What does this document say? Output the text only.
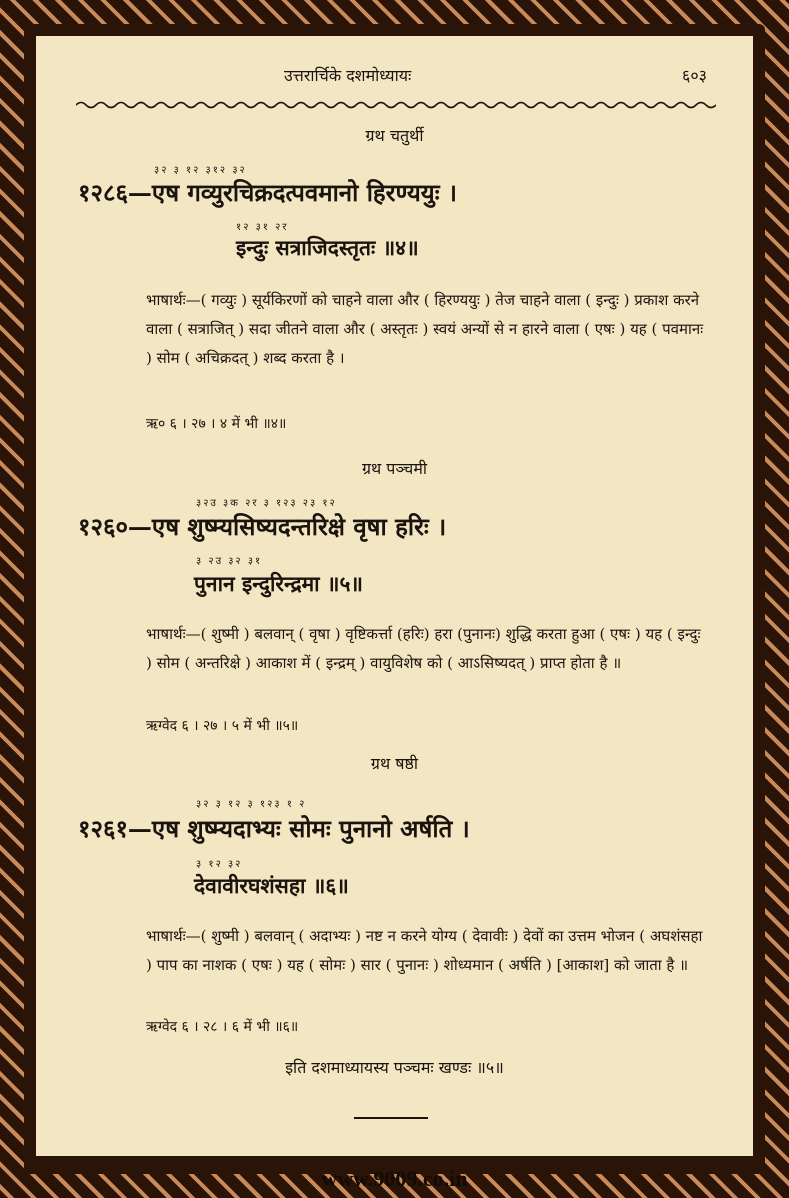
उत्तरार्चिके दशमोध्यायः	६०३
ग्रथ चतुर्थी
३२ ३ १२ ३१२ ३२
१२८६—एष गव्युरचिक्रदत्पवमानो हिरण्ययुः ।
१२ ३१ २र
इन्दुः सत्राजिदस्तृतः ॥४॥
भाषार्थः—( गव्युः ) सूर्यकिरणों को चाहने वाला और ( हिरण्ययुः ) तेज चाहने वाला ( इन्दुः ) प्रकाश करने वाला ( सत्राजित् ) सदा जीतने वाला और ( अस्तृतः ) स्वयं अन्यों से न हारने वाला ( एषः ) यह ( पवमानः ) सोम ( अचिक्रदत् ) शब्द करता है ।
ऋ० ६ । २७ । ४ में भी ॥४॥
ग्रथ पञ्चमी
३२उ ३क २र ३ १२३ २३ १२
१२६०—एष शुष्म्यसिष्यदन्तरिक्षे वृषा हरिः ।
३ २उ ३२ ३१
पुनान इन्दुरिन्द्रमा ॥५॥
भाषार्थः—( शुष्मी ) बलवान् ( वृषा ) वृष्टिकर्त्ता (हरिः) हरा (पुनानः) शुद्धि करता हुआ ( एषः ) यह ( इन्दुः ) सोम ( अन्तरिक्षे ) आकाश में ( इन्द्रम् ) वायुविशेष को ( आऽसिष्यदत् ) प्राप्त होता है ॥
ऋग्वेद ६ । २७ । ५ में भी ॥५॥
ग्रथ षष्ठी
३२ ३ १२ ३ १२३ १ २
१२६१—एष शुष्म्यदाभ्यः सोमः पुनानो अर्षति ।
३ १२ ३२
देवावीरघशंसहा ॥६॥
भाषार्थः—( शुष्मी ) बलवान् ( अदाभ्यः ) नष्ट न करने योग्य ( देवावीः ) देवों का उत्तम भोजन ( अघशंसहा ) पाप का नाशक ( एषः ) यह ( सोमः ) सार ( पुनानः ) शोध्यमान ( अर्षति ) [आकाश] को जाता है ॥
ऋग्वेद ६ । २८ । ६ में भी ॥६॥
इति दशमाध्यायस्य पञ्चमः खण्डः ॥५॥
www.9009.co.in
